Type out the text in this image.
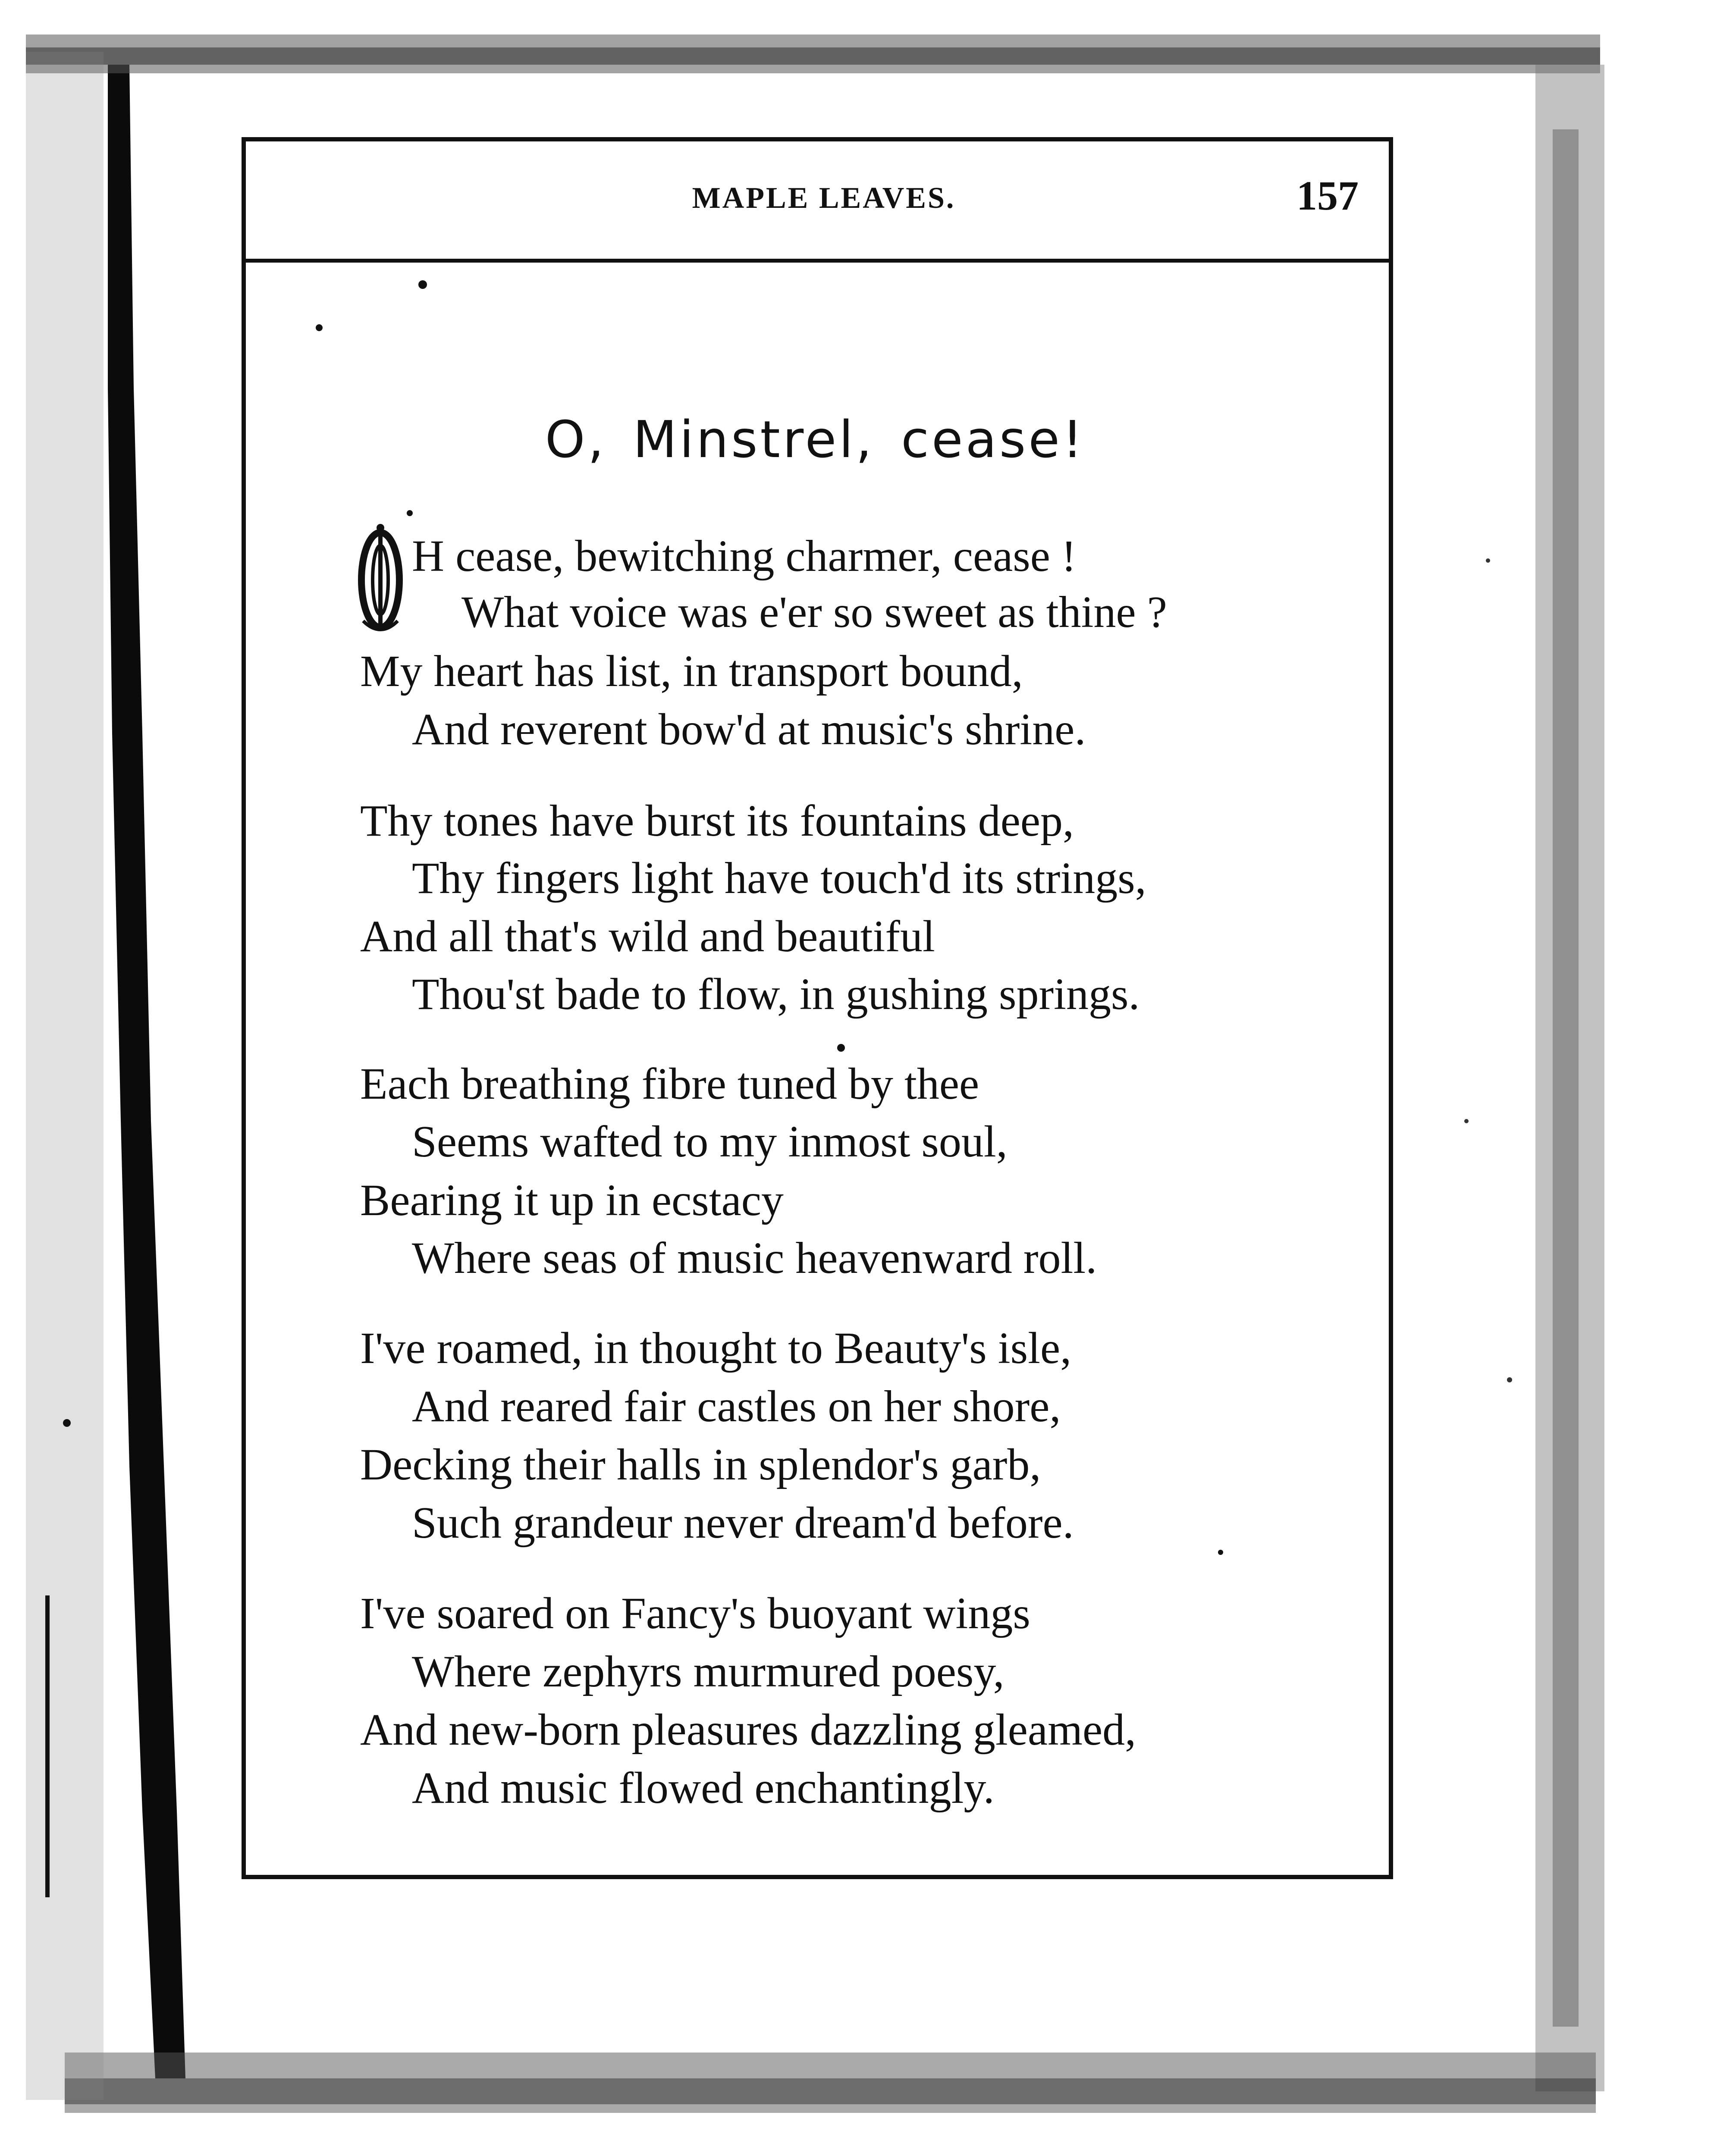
MAPLE LEAVES.	157
O, Minstrel, cease!
H cease, bewitching charmer, cease !
What voice was e'er so sweet as thine ?
My heart has list, in transport bound,
And reverent bow'd at music's shrine.
Thy tones have burst its fountains deep,
Thy fingers light have touch'd its strings,
And all that's wild and beautiful
Thou'st bade to flow, in gushing springs.
Each breathing fibre tuned by thee
Seems wafted to my inmost soul,
Bearing it up in ecstacy
Where seas of music heavenward roll.
I've roamed, in thought to Beauty's isle,
And reared fair castles on her shore,
Decking their halls in splendor's garb,
Such grandeur never dream'd before.
I've soared on Fancy's buoyant wings
Where zephyrs murmured poesy,
And new-born pleasures dazzling gleamed,
And music flowed enchantingly.
